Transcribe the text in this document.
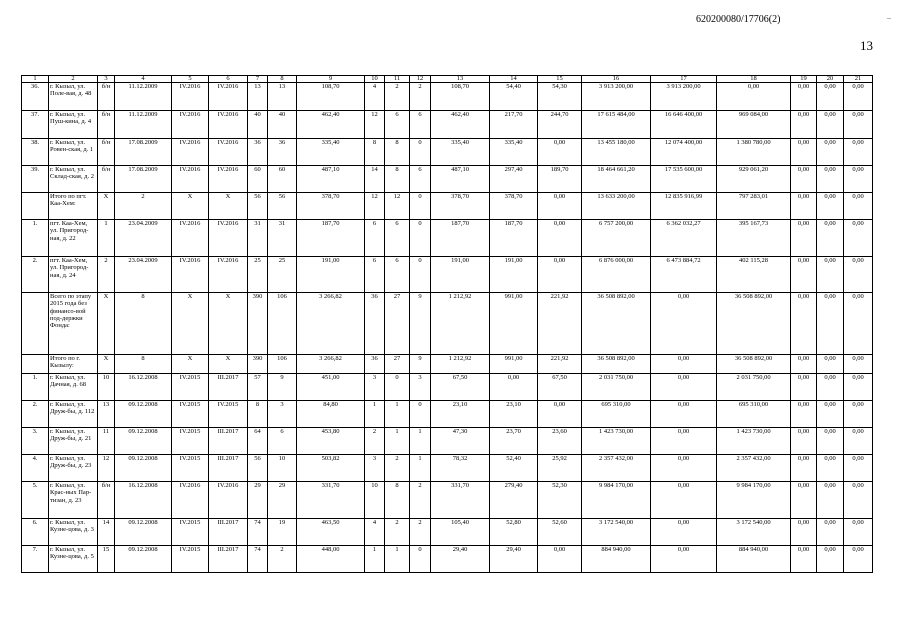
620200080/17706(2)
13
–
1	2	3	4	5	6	7	8	9	10	11	12	13	14	15	16	17	18	19	20	21
36.	г. Кызыл, ул. Поле-вая, д. 48	б/н	11.12.2009	IV.2016	IV.2016	13	13	108,70	4	2	2	108,70	54,40	54,30	3 913 200,00	3 913 200,00	0,00	0,00	0,00	0,00
37.	г. Кызыл, ул. Пуш-кина, д. 4	б/н	11.12.2009	IV.2016	IV.2016	40	40	462,40	12	6	6	462,40	217,70	244,70	17 615 484,00	16 646 400,00	969 084,00	0,00	0,00	0,00
38.	г. Кызыл, ул. Ровен-ская, д. 1	б/н	17.08.2009	IV.2016	IV.2016	36	36	335,40	8	8	0	335,40	335,40	0,00	13 455 180,00	12 074 400,00	1 380 780,00	0,00	0,00	0,00
39.	г. Кызыл, ул. Склад-ская, д. 2	б/н	17.08.2009	IV.2016	IV.2016	60	60	487,10	14	8	6	487,10	297,40	189,70	18 464 661,20	17 535 600,00	929 061,20	0,00	0,00	0,00
	Итого по пгт. Каа-Хем:	X	2	X	X	56	56	378,70	12	12	0	378,70	378,70	0,00	13 633 200,00	12 835 916,99	797 283,01	0,00	0,00	0,00
1.	пгт. Каа-Хем, ул. Пригород-ная, д. 22	1	23.04.2009	IV.2016	IV.2016	31	31	187,70	6	6	0	187,70	187,70	0,00	6 757 200,00	6 362 032,27	395 167,73	0,00	0,00	0,00
2.	пгт. Каа-Хем, ул. Пригород-ная, д. 24	2	23.04.2009	IV.2016	IV.2016	25	25	191,00	6	6	0	191,00	191,00	0,00	6 876 000,00	6 473 884,72	402 115,28	0,00	0,00	0,00
	Всего по этапу 2015 года без финансо-вой под-держки Фонда:	X	8	X	X	390	106	3 266,82	36	27	9	1 212,92	991,00	221,92	36 508 892,00	0,00	36 508 892,00	0,00	0,00	0,00
	Итого по г. Кызылу:	X	8	X	X	390	106	3 266,82	36	27	9	1 212,92	991,00	221,92	36 508 892,00	0,00	36 508 892,00	0,00	0,00	0,00
1.	г. Кызыл, ул. Дачная, д. 68	10	16.12.2008	IV.2015	III.2017	57	9	451,00	3	0	3	67,50	0,00	67,50	2 031 750,00	0,00	2 031 750,00	0,00	0,00	0,00
2.	г. Кызыл, ул. Друж-бы, д. 112	13	09.12.2008	IV.2015	IV.2015	8	3	84,80	1	1	0	23,10	23,10	0,00	695 310,00	0,00	695 310,00	0,00	0,00	0,00
3.	г. Кызыл, ул. Друж-бы, д. 21	11	09.12.2008	IV.2015	III.2017	64	6	453,80	2	1	1	47,30	23,70	23,60	1 423 730,00	0,00	1 423 730,00	0,00	0,00	0,00
4.	г. Кызыл, ул. Друж-бы, д. 23	12	09.12.2008	IV.2015	III.2017	56	10	503,82	3	2	1	78,32	52,40	25,92	2 357 432,00	0,00	2 357 432,00	0,00	0,00	0,00
5.	г. Кызыл, ул. Крас-ных Пар-тизан, д. 23	б/н	16.12.2008	IV.2016	IV.2016	29	29	331,70	10	8	2	331,70	279,40	52,30	9 984 170,00	0,00	9 984 170,00	0,00	0,00	0,00
6.	г. Кызыл, ул. Кузне-цова, д. 3	14	09.12.2008	IV.2015	III.2017	74	19	463,50	4	2	2	105,40	52,80	52,60	3 172 540,00	0,00	3 172 540,00	0,00	0,00	0,00
7.	г. Кызыл, ул. Кузне-цова, д. 5	15	09.12.2008	IV.2015	III.2017	74	2	448,00	1	1	0	29,40	29,40	0,00	884 940,00	0,00	884 940,00	0,00	0,00	0,00
